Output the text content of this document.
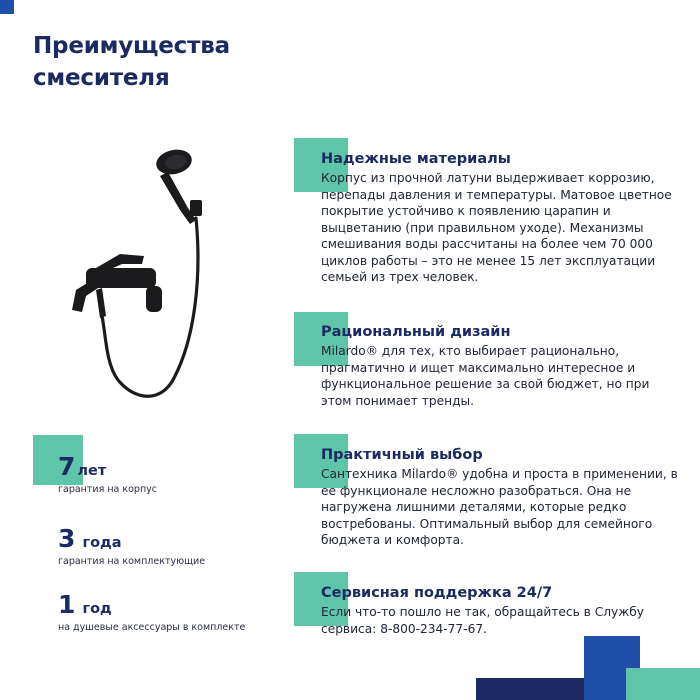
Преимущества
смесителя
Надежные материалы

Корпус из прочной латуни выдерживает коррозию, перепады давления и температуры. Матовое цветное покрытие устойчиво к появлению царапин и выцветанию (при правильном уходе). Механизмы смешивания воды рассчитаны на более чем 70 000 циклов работы – это не менее 15 лет эксплуатации семьей из трех человек.

Рациональный дизайн

Milardo® для тех, кто выбирает рационально, прагматично и ищет максимально интересное и функциональное решение за свой бюджет, но при этом понимает тренды.

Практичный выбор

Сантехника Milardo® удобна и проста в применении, в ее функционале несложно разобраться. Она не нагружена лишними деталями, которые редко востребованы. Оптимальный выбор для семейного бюджета и комфорта.

Сервисная поддержка 24/7

Если что-то пошло не так, обращайтесь в Службу сервиса: 8-800-234-77-67.

7 лет
гарантия на корпус
3 года
гарантия на комплектующие
1 год
на душевые аксессуары в комплекте
